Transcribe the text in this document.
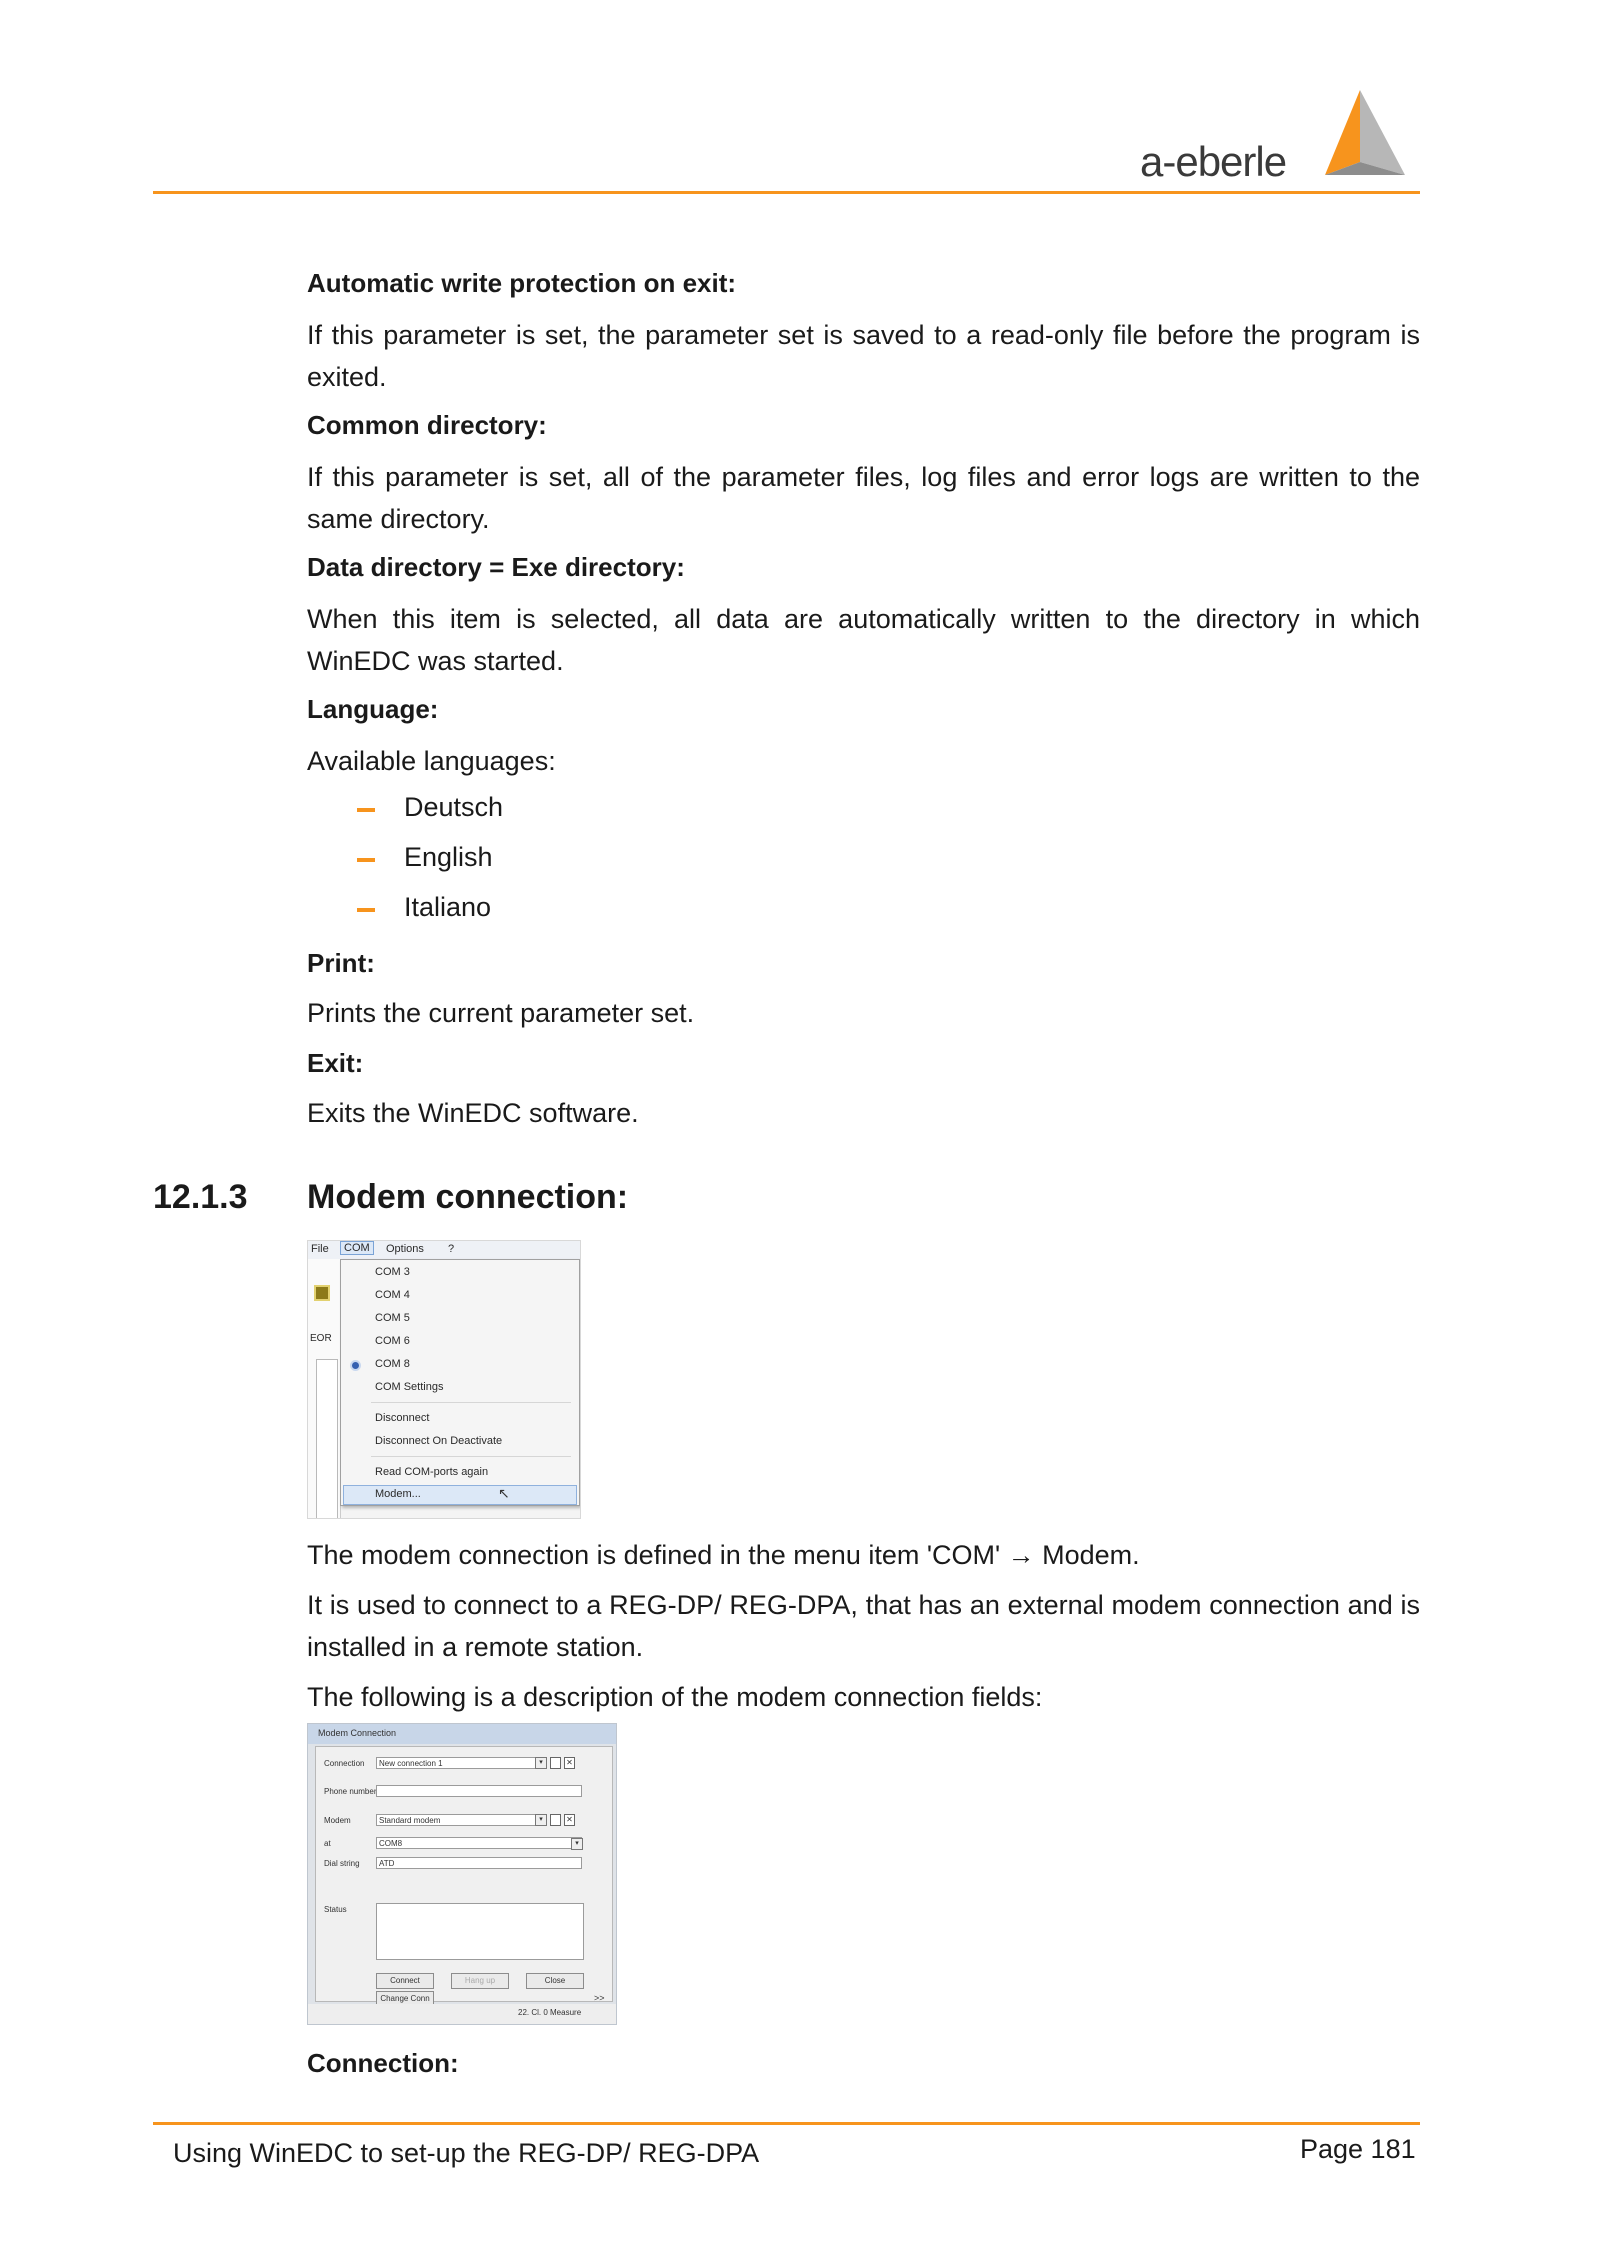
a-eberle
Automatic write protection on exit:
If this parameter is set, the parameter set is saved to a read-only file before the program is exited.
Common directory:
If this parameter is set, all of the parameter files, log files and error logs are written to the same directory.
Data directory = Exe directory:
When this item is selected, all data are automatically written to the directory in which WinEDC was started.
Language:
Available languages:
Deutsch
English
Italiano
Print:
Prints the current parameter set.
Exit:
Exits the WinEDC software.
12.1.3 Modem connection:
File	COM	Options ?
EOR
COM 3
COM 4
COM 5
COM 6
COM 8
COM Settings
Disconnect
Disconnect On Deactivate
Read COM-ports again
Modem...	↖
The modem connection is defined in the menu item 'COM' → Modem.
It is used to connect to a REG-DP/ REG-DPA, that has an external modem connection and is installed in a remote station.
The following is a description of the modem connection fields:
Modem Connection
Connection	New connection 1	▾	✕
Phone number
Modem	Standard modem	▾	✕
at	COM8	▾
Dial string	ATD
Status
Connect	Hang up	Close
Change Conn	>>
22. Cl. 0 Measure
Connection:
Using WinEDC to set-up the REG-DP/ REG-DPA	Page 181
